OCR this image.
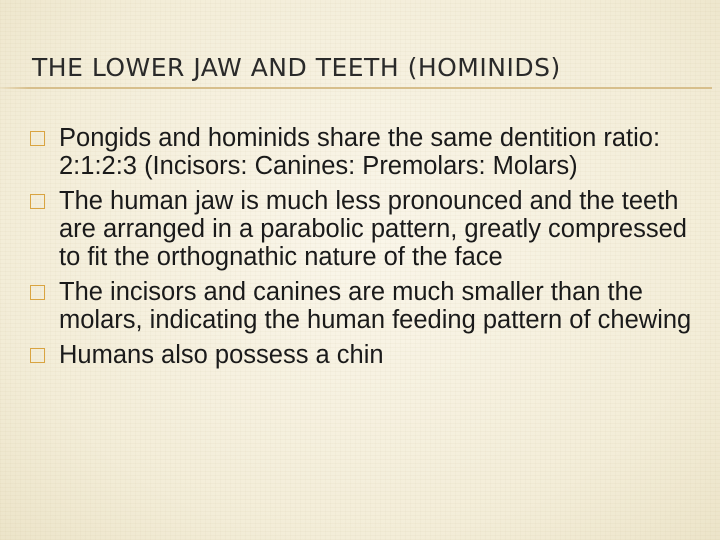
THE LOWER JAW AND TEETH (HOMINIDS)
Pongids and hominids share the same dentition ratio: 2:1:2:3 (Incisors: Canines: Premolars: Molars)
The human jaw is much less pronounced and the teeth are arranged in a parabolic pattern, greatly compressed to fit the orthognathic nature of the face
The incisors and canines are much smaller than the molars, indicating the human feeding pattern of chewing
Humans also possess a chin
